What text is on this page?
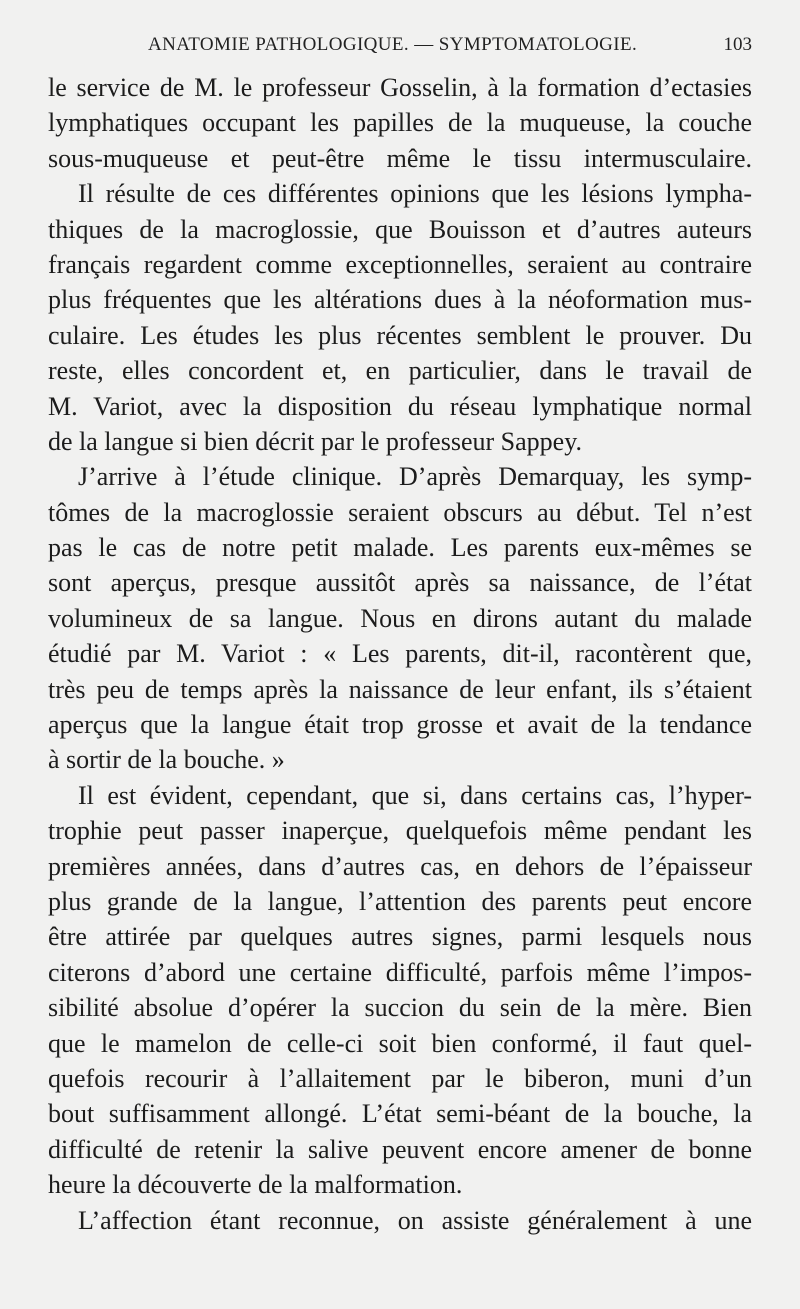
ANATOMIE PATHOLOGIQUE. — SYMPTOMATOLOGIE.	103
le service de M. le professeur Gosselin, à la formation d’ectasies
lymphatiques occupant les papilles de la muqueuse, la couche
sous-muqueuse et peut-être même le tissu intermusculaire.
Il résulte de ces différentes opinions que les lésions lympha-
thiques de la macroglossie, que Bouisson et d’autres auteurs
français regardent comme exceptionnelles, seraient au contraire
plus fréquentes que les altérations dues à la néoformation mus-
culaire. Les études les plus récentes semblent le prouver. Du
reste, elles concordent et, en particulier, dans le travail de
M. Variot, avec la disposition du réseau lymphatique normal
de la langue si bien décrit par le professeur Sappey.
J’arrive à l’étude clinique. D’après Demarquay, les symp-
tômes de la macroglossie seraient obscurs au début. Tel n’est
pas le cas de notre petit malade. Les parents eux-mêmes se
sont aperçus, presque aussitôt après sa naissance, de l’état
volumineux de sa langue. Nous en dirons autant du malade
étudié par M. Variot : « Les parents, dit-il, racontèrent que,
très peu de temps après la naissance de leur enfant, ils s’étaient
aperçus que la langue était trop grosse et avait de la tendance
à sortir de la bouche. »
Il est évident, cependant, que si, dans certains cas, l’hyper-
trophie peut passer inaperçue, quelquefois même pendant les
premières années, dans d’autres cas, en dehors de l’épaisseur
plus grande de la langue, l’attention des parents peut encore
être attirée par quelques autres signes, parmi lesquels nous
citerons d’abord une certaine difficulté, parfois même l’impos-
sibilité absolue d’opérer la succion du sein de la mère. Bien
que le mamelon de celle-ci soit bien conformé, il faut quel-
quefois recourir à l’allaitement par le biberon, muni d’un
bout suffisamment allongé. L’état semi-béant de la bouche, la
difficulté de retenir la salive peuvent encore amener de bonne
heure la découverte de la malformation.
L’affection étant reconnue, on assiste généralement à une
